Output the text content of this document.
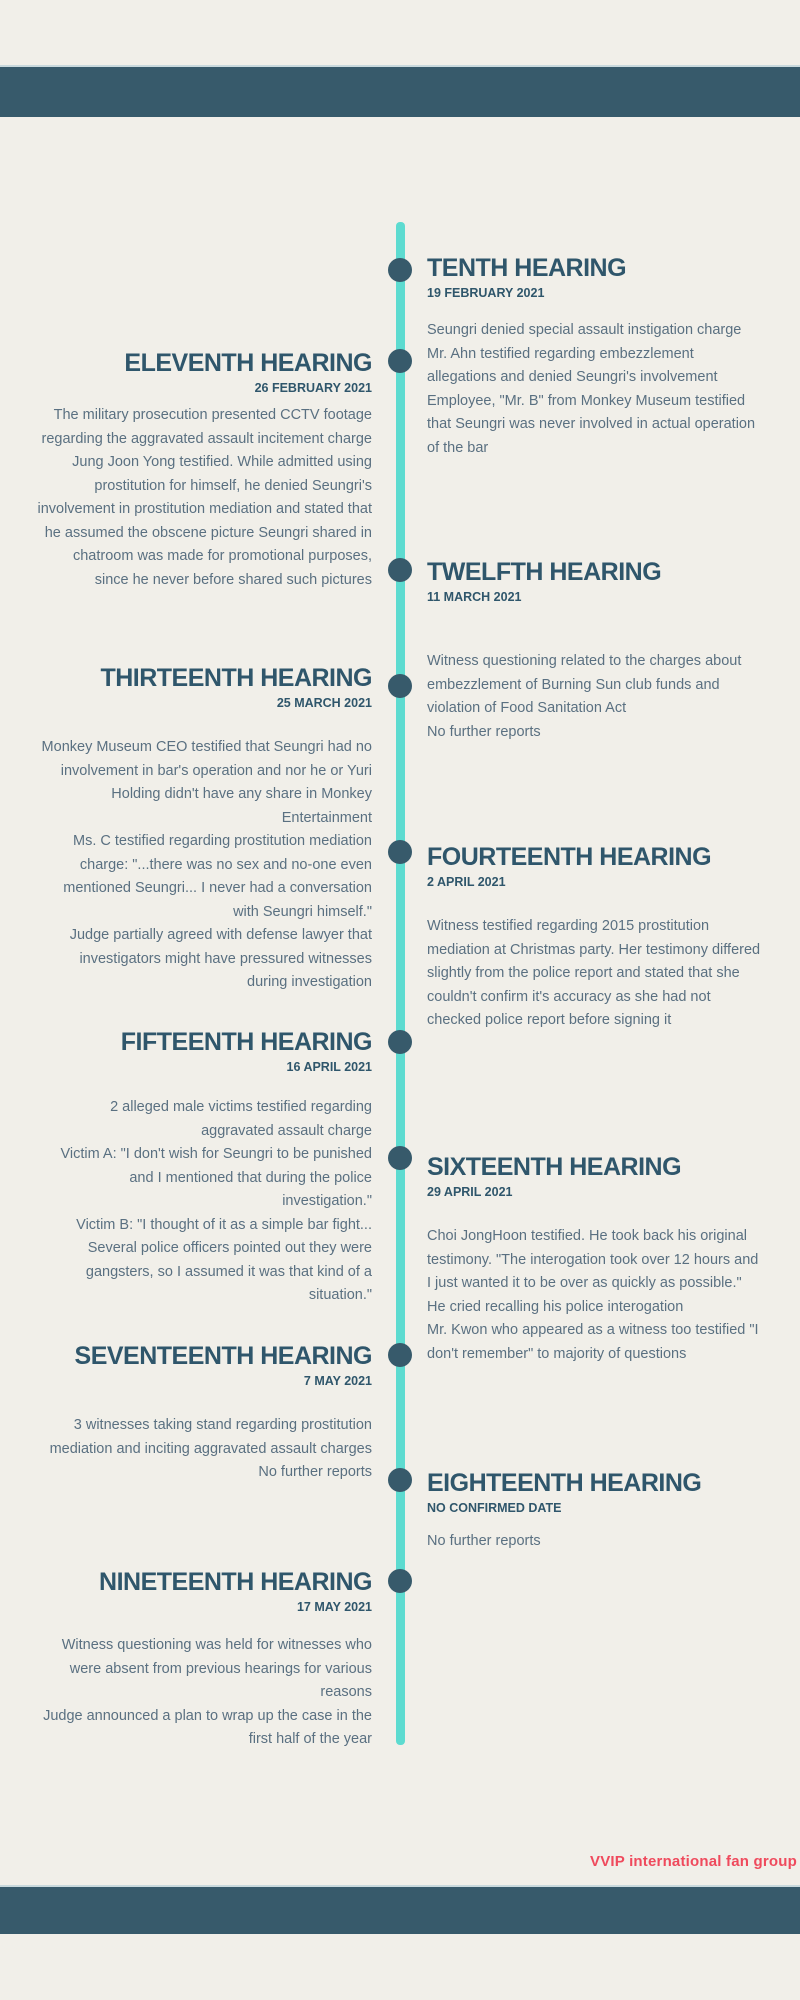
TENTH HEARING
19 FEBRUARY 2021

Seungri denied special assault instigation charge

Mr. Ahn testified regarding embezzlement allegations and denied Seungri's involvement

Employee, "Mr. B" from Monkey Museum testified that Seungri was never involved in actual operation of the bar

ELEVENTH HEARING
26 FEBRUARY 2021

The military prosecution presented CCTV footage regarding the aggravated assault incitement charge

Jung Joon Yong testified. While admitted using prostitution for himself, he denied Seungri's involvement in prostitution mediation and stated that he assumed the obscene picture Seungri shared in chatroom was made for promotional purposes, since he never before shared such pictures TWELFTH HEARING
11 MARCH 2021

Witness questioning related to the charges about embezzlement of Burning Sun club funds and violation of Food Sanitation Act

No further reports

THIRTEENTH HEARING
25 MARCH 2021

Monkey Museum CEO testified that Seungri had no involvement in bar's operation and nor he or Yuri Holding didn't have any share in Monkey Entertainment

Ms. C testified regarding prostitution mediation charge: "...there was no sex and no-one even mentioned Seungri... I never had a conversation with Seungri himself."

Judge partially agreed with defense lawyer that investigators might have pressured witnesses during investigation

FOURTEENTH HEARING
2 APRIL 2021

Witness testified regarding 2015 prostitution mediation at Christmas party. Her testimony differed slightly from the police report and stated that she couldn't confirm it's accuracy as she had not checked police report before signing it

FIFTEENTH HEARING
16 APRIL 2021

2 alleged male victims testified regarding aggravated assault charge

Victim A: "I don't wish for Seungri to be punished and I mentioned that during the police investigation."

Victim B: "I thought of it as a simple bar fight... Several police officers pointed out they were gangsters, so I assumed it was that kind of a situation."

SIXTEENTH HEARING
29 APRIL 2021

Choi JongHoon testified. He took back his original testimony. "The interogation took over 12 hours and I just wanted it to be over as quickly as possible." He cried recalling his police interogation

Mr. Kwon who appeared as a witness too testified "I don't remember" to majority of questions

SEVENTEENTH HEARING
7 MAY 2021

3 witnesses taking stand regarding prostitution mediation and inciting aggravated assault charges

No further reports EIGHTEENTH HEARING
NO CONFIRMED DATE

No further reports

NINETEENTH HEARING
17 MAY 2021

Witness questioning was held for witnesses who were absent from previous hearings for various reasons

Judge announced a plan to wrap up the case in the first half of the year

VVIP international fan group
